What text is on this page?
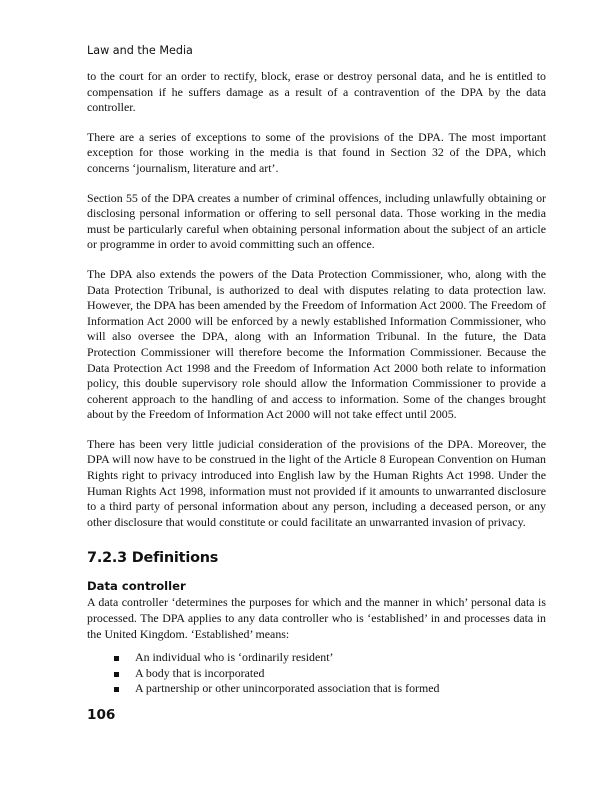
Law and the Media

to the court for an order to rectify, block, erase or destroy personal data, and he is entitled to compensation if he suffers damage as a result of a contravention of the DPA by the data controller.

There are a series of exceptions to some of the provisions of the DPA. The most important exception for those working in the media is that found in Section 32 of the DPA, which concerns ‘journalism, literature and art’.

Section 55 of the DPA creates a number of criminal offences, including unlawfully obtaining or disclosing personal information or offering to sell personal data. Those working in the media must be particularly careful when obtaining personal information about the subject of an article or programme in order to avoid committing such an offence.

The DPA also extends the powers of the Data Protection Commissioner, who, along with the Data Protection Tribunal, is authorized to deal with disputes relating to data protection law. However, the DPA has been amended by the Freedom of Information Act 2000. The Freedom of Information Act 2000 will be enforced by a newly established Information Commissioner, who will also oversee the DPA, along with an Information Tribunal. In the future, the Data Protection Commissioner will therefore become the Information Commissioner. Because the Data Protection Act 1998 and the Freedom of Information Act 2000 both relate to information policy, this double supervisory role should allow the Information Commissioner to provide a coherent approach to the handling of and access to information. Some of the changes brought about by the Freedom of Information Act 2000 will not take effect until 2005.

There has been very little judicial consideration of the provisions of the DPA. Moreover, the DPA will now have to be construed in the light of the Article 8 European Convention on Human Rights right to privacy introduced into English law by the Human Rights Act 1998. Under the Human Rights Act 1998, information must not provided if it amounts to unwarranted disclosure to a third party of personal information about any person, including a deceased person, or any other disclosure that would constitute or could facilitate an unwarranted invasion of privacy.

7.2.3 Definitions
Data controller

A data controller ‘determines the purposes for which and the manner in which’ personal data is processed. The DPA applies to any data controller who is ‘established’ in and processes data in the United Kingdom. ‘Established’ means:

An individual who is ‘ordinarily resident’
A body that is incorporated
A partnership or other unincorporated association that is formed
106
